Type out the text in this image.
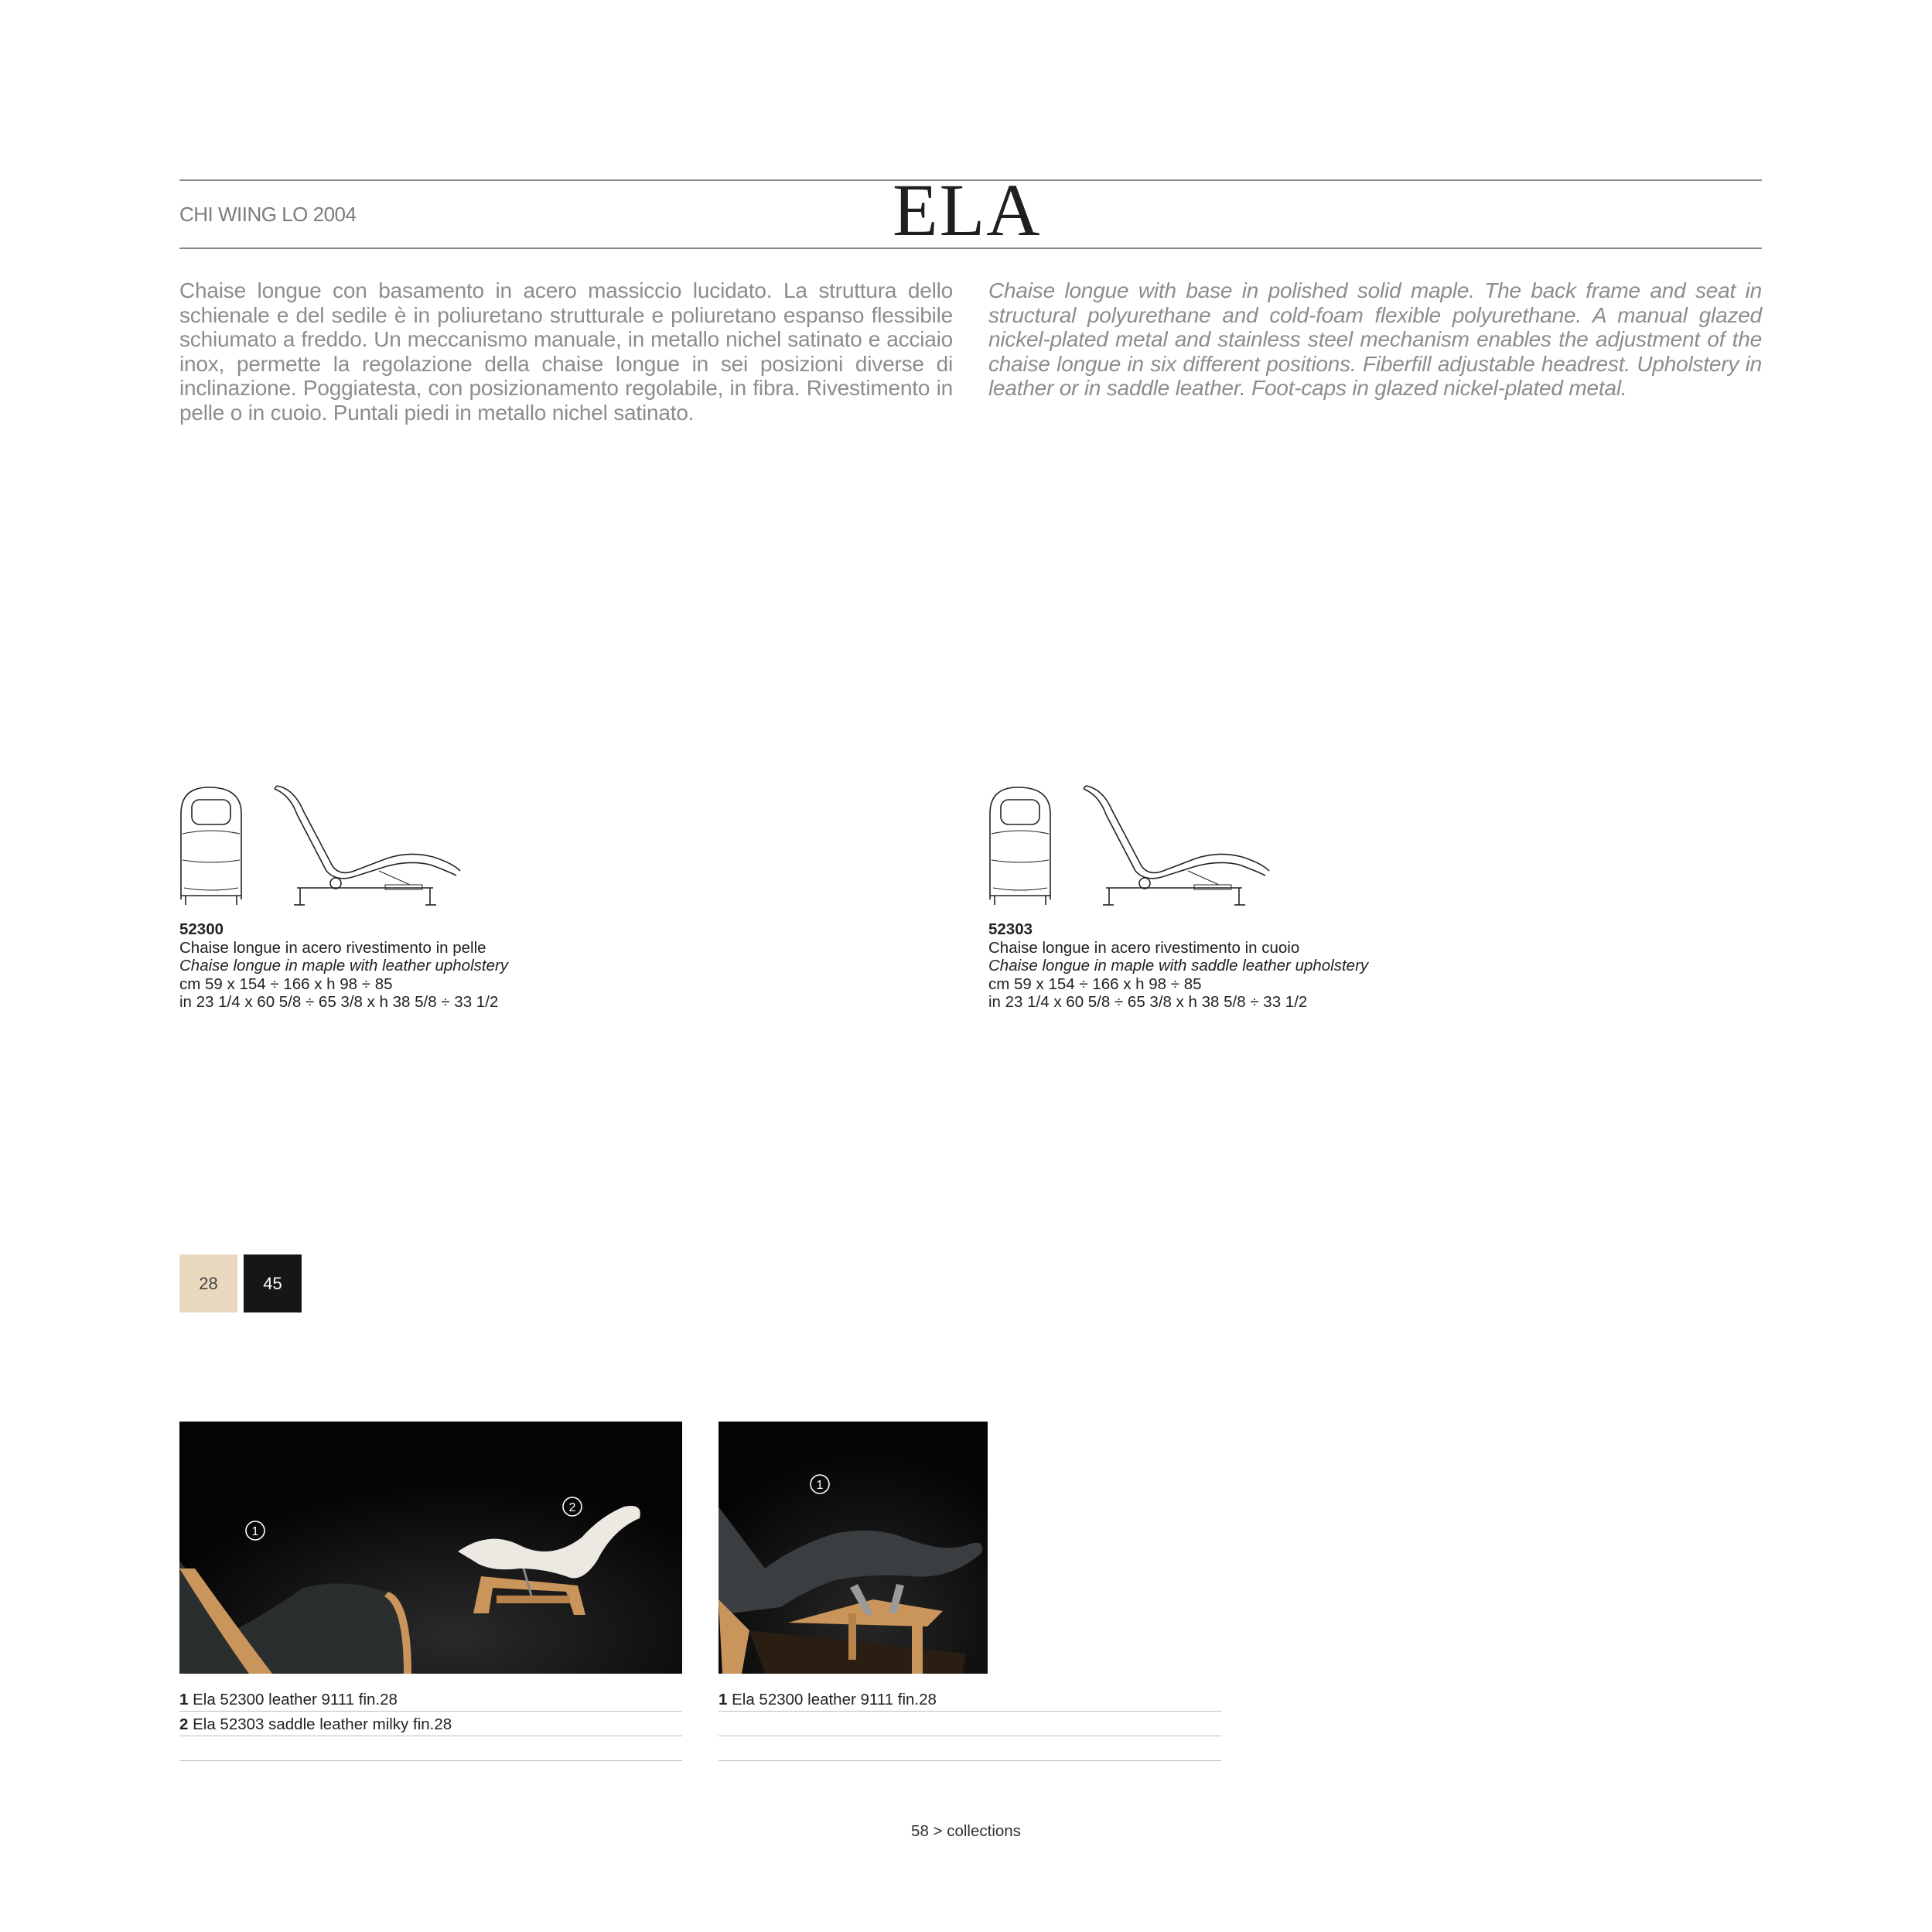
CHI WIING LO 2004	ELA
Chaise longue con basamento in acero massiccio lucidato. La struttura dello schienale e del sedile è in poliuretano strutturale e poliuretano espanso flessibile schiumato a freddo. Un meccanismo manuale, in metallo nichel satinato e acciaio inox, permette la regolazione della chaise longue in sei posizioni diverse di inclinazione. Poggiatesta, con posizionamento regolabile, in fibra. Rivestimento in pelle o in cuoio. Puntali piedi in metallo nichel satinato.
Chaise longue with base in polished solid maple. The back frame and seat in structural polyurethane and cold-foam flexible polyurethane. A manual glazed nickel-plated metal and stainless steel mechanism enables the adjustment of the chaise longue in six different positions. Fiberfill adjustable headrest. Upholstery in leather or in saddle leather. Foot-caps in glazed nickel-plated metal.
52300
Chaise longue in acero rivestimento in pelle
Chaise longue in maple with leather upholstery
cm 59 x 154 ÷ 166 x h 98 ÷ 85
in 23 1/4 x 60 5/8 ÷ 65 3/8 x h 38 5/8 ÷ 33 1/2
52303
Chaise longue in acero rivestimento in cuoio
Chaise longue in maple with saddle leather upholstery
cm 59 x 154 ÷ 166 x h 98 ÷ 85
in 23 1/4 x 60 5/8 ÷ 65 3/8 x h 38 5/8 ÷ 33 1/2
28	45
1
2
1
1 Ela 52300 leather 9111 fin.28
2 Ela 52303 saddle leather milky fin.28
1 Ela 52300 leather 9111 fin.28
58 > collections
